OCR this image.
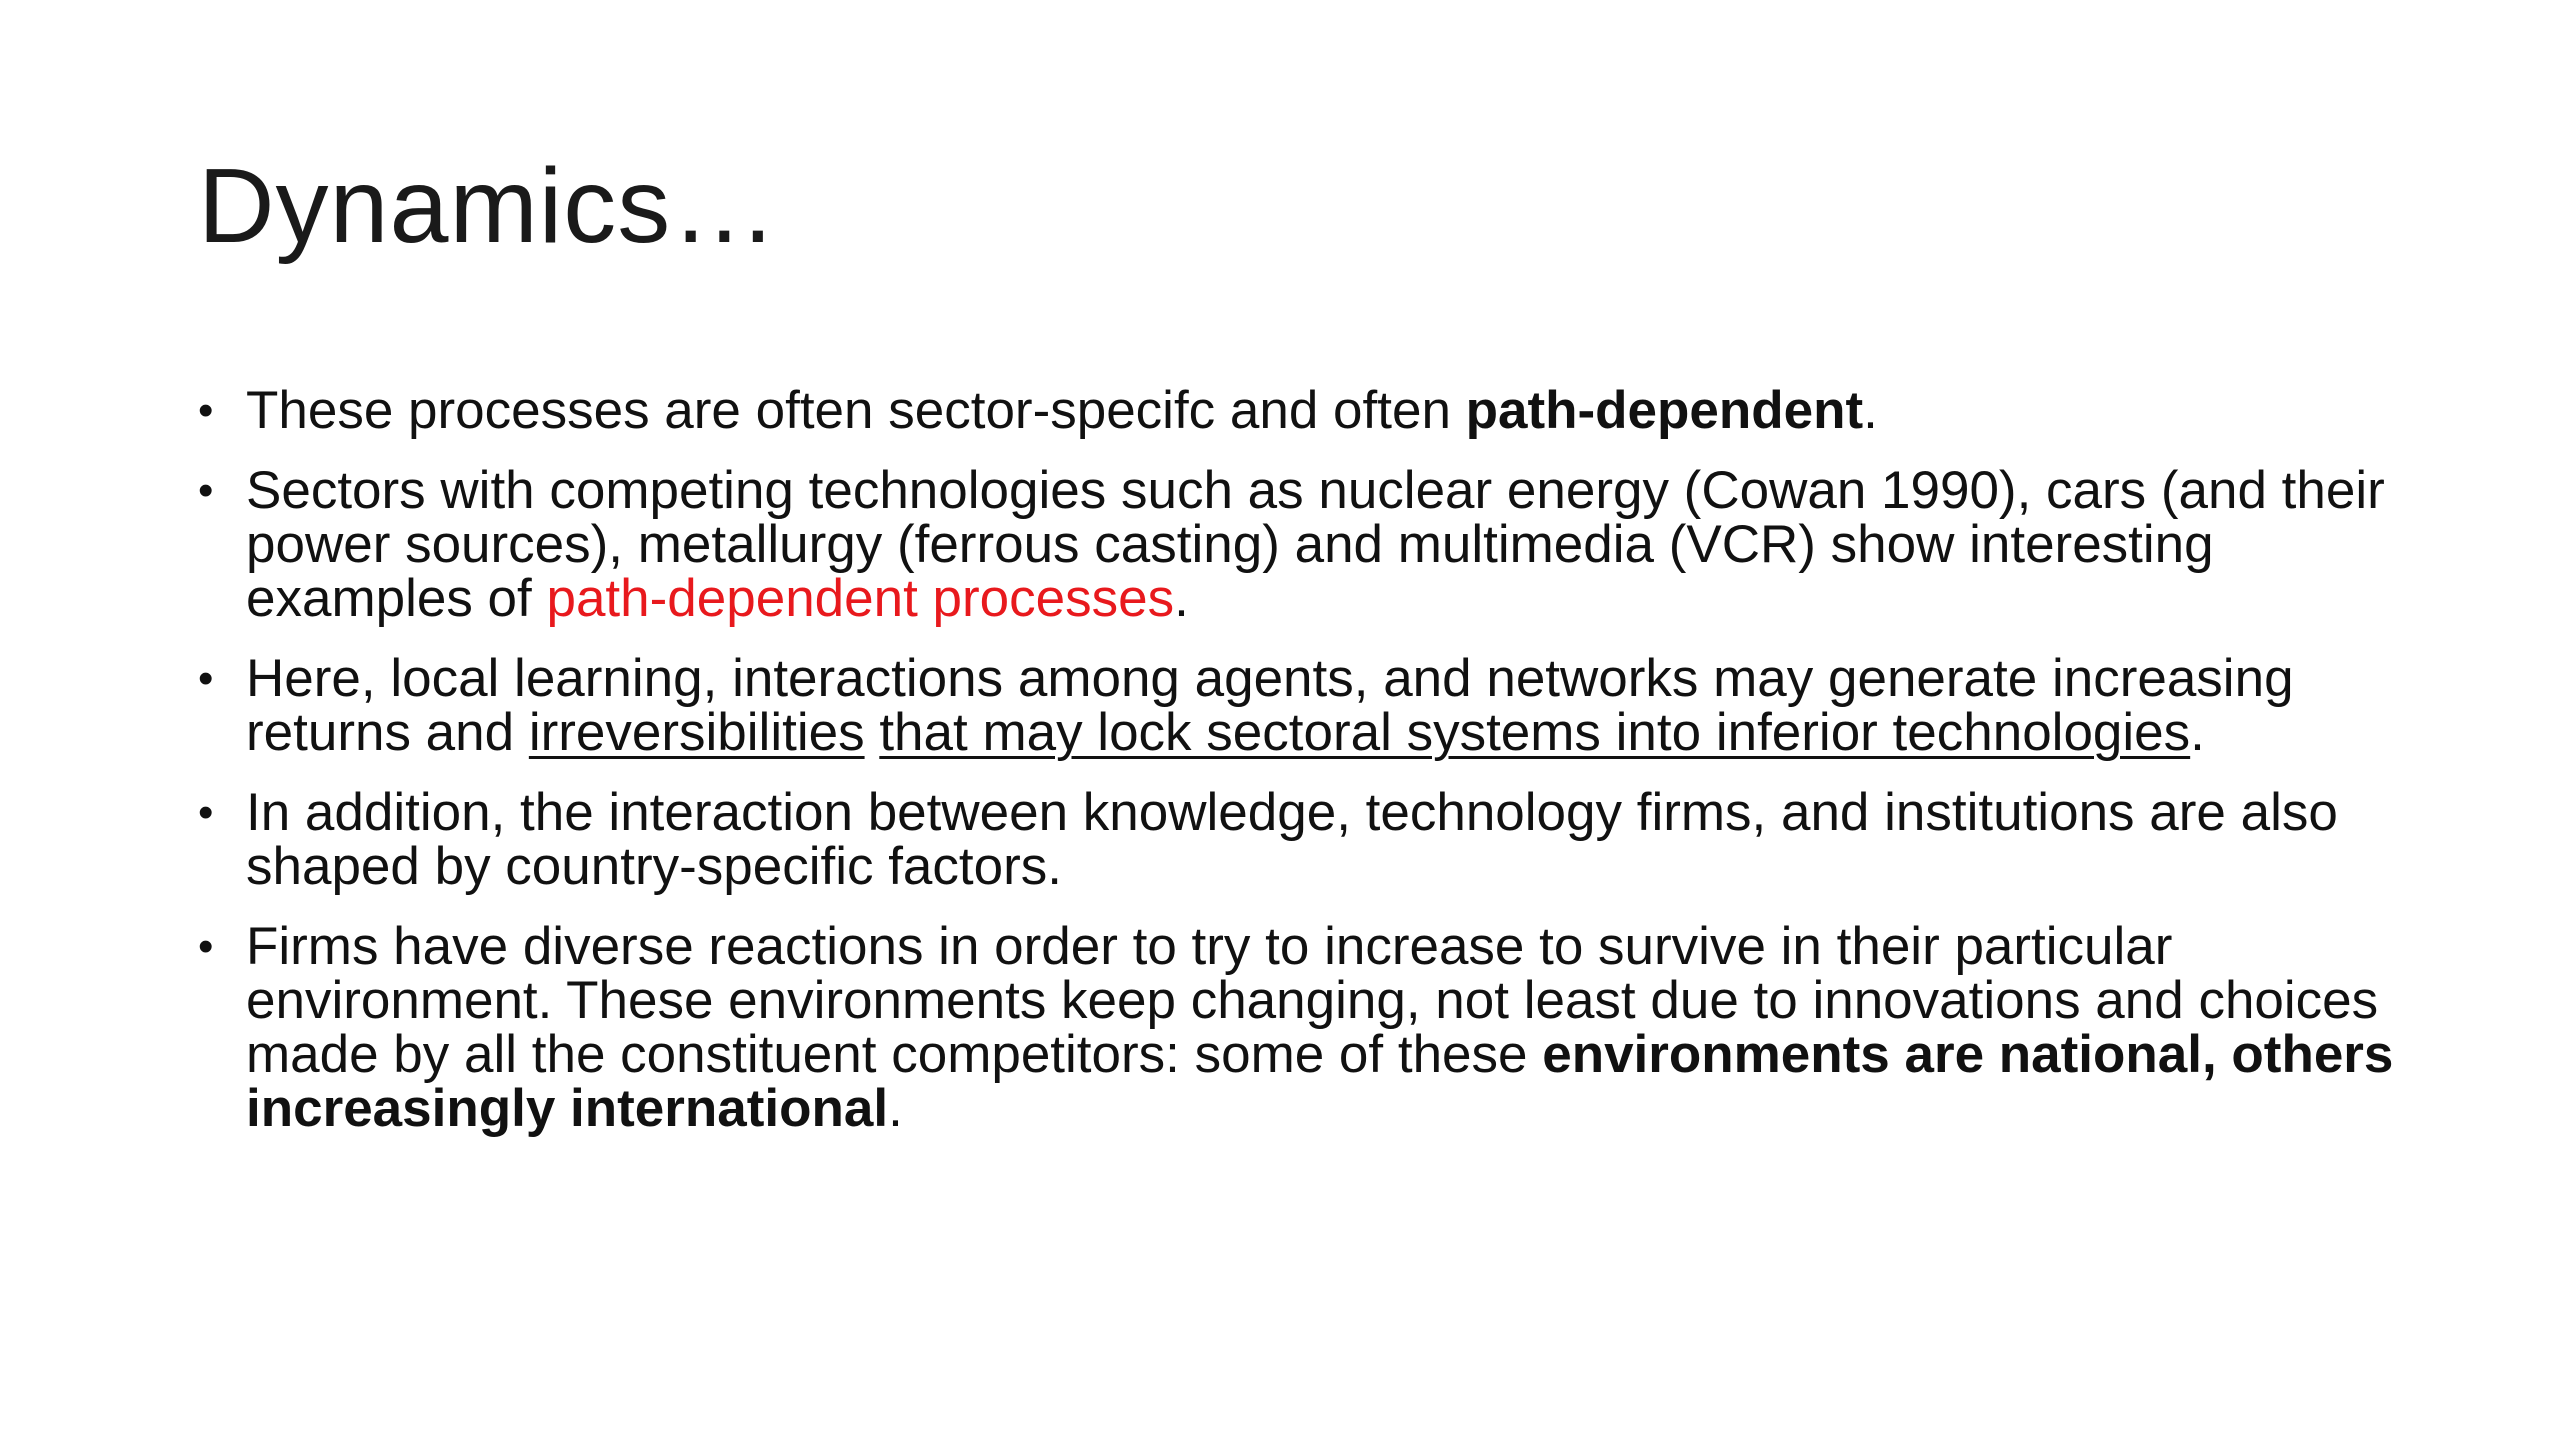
Dynamics…
• These processes are often sector-specifc and often path-dependent.
• Sectors with competing technologies such as nuclear energy (Cowan 1990), cars (and their power sources), metallurgy (ferrous casting) and multimedia (VCR) show interesting examples of path-dependent processes.
• Here, local learning, interactions among agents, and networks may generate increasing returns and irreversibilities that may lock sectoral systems into inferior technologies.
• In addition, the interaction between knowledge, technology firms, and institutions are also shaped by country-specific factors.
• Firms have diverse reactions in order to try to increase to survive in their particular environment. These environments keep changing, not least due to innovations and choices made by all the constituent competitors: some of these environments are national, others increasingly international.
